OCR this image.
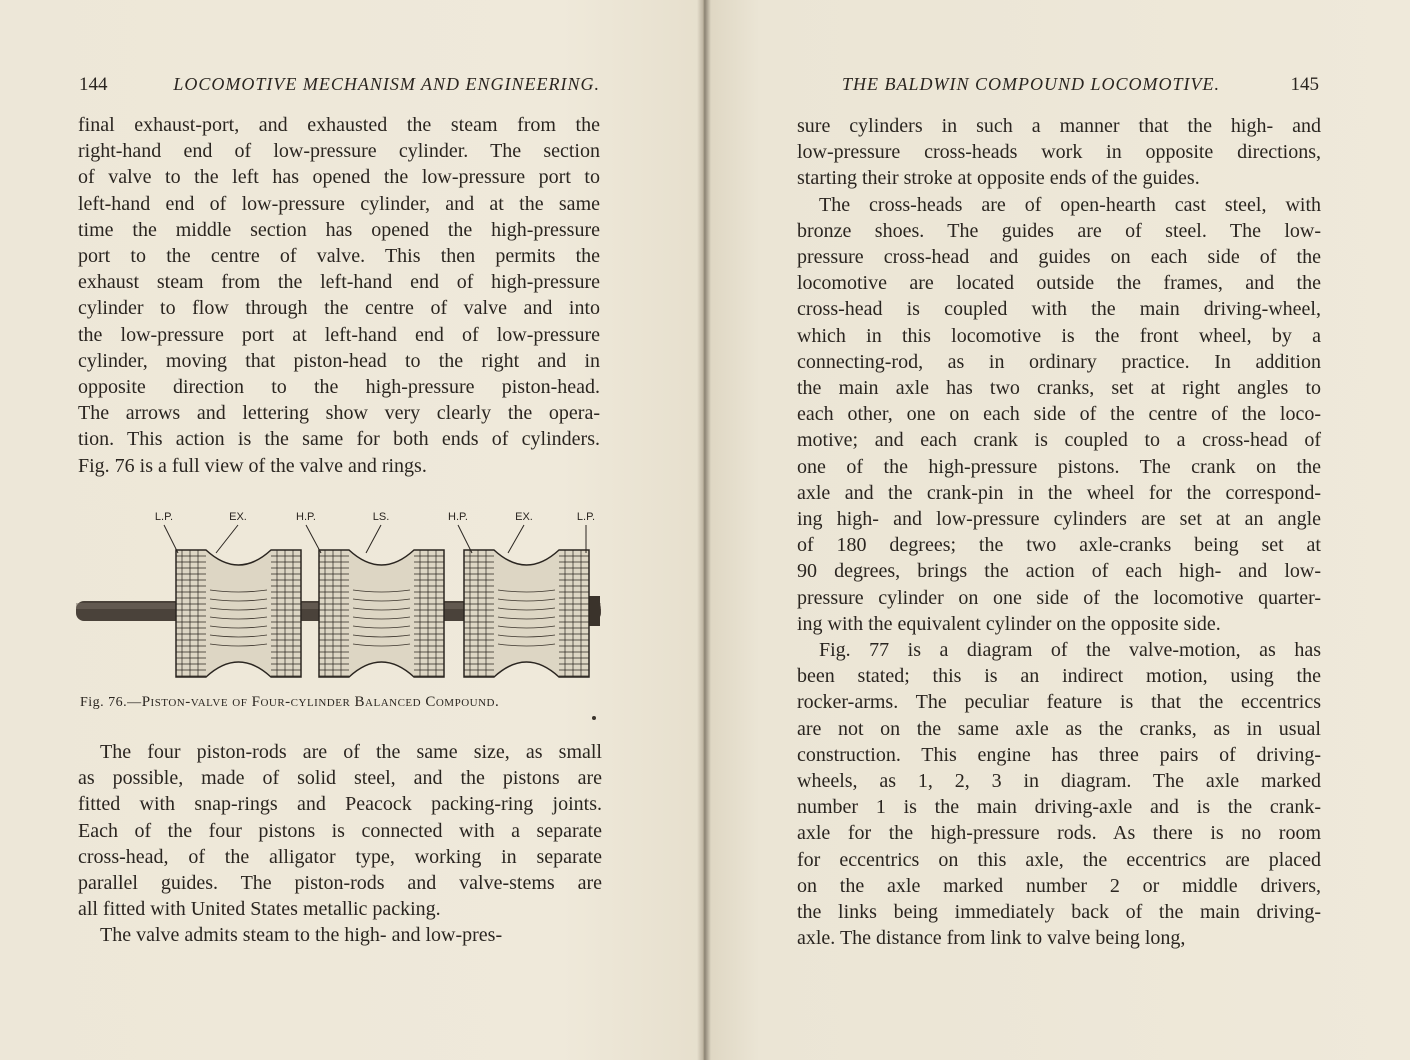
144	LOCOMOTIVE MECHANISM AND ENGINEERING.	THE BALDWIN COMPOUND LOCOMOTIVE.	145
final exhaust-port, and exhausted the steam from the
right-hand end of low-pressure cylinder. The section
of valve to the left has opened the low-pressure port to
left-hand end of low-pressure cylinder, and at the same
time the middle section has opened the high-pressure
port to the centre of valve. This then permits the
exhaust steam from the left-hand end of high-pressure
cylinder to flow through the centre of valve and into
the low-pressure port at left-hand end of low-pressure
cylinder, moving that piston-head to the right and in
opposite direction to the high-pressure piston-head.
The arrows and lettering show very clearly the opera-
tion. This action is the same for both ends of cylinders.
Fig. 76 is a full view of the valve and rings.
L.P.	EX.	H.P.	LS.	H.P.	EX.	L.P.
Fig. 76.—Piston-valve of Four-cylinder Balanced Compound.
The four piston-rods are of the same size, as small
as possible, made of solid steel, and the pistons are
fitted with snap-rings and Peacock packing-ring joints.
Each of the four pistons is connected with a separate
cross-head, of the alligator type, working in separate
parallel guides. The piston-rods and valve-stems are
all fitted with United States metallic packing.
The valve admits steam to the high- and low-pres-
sure cylinders in such a manner that the high- and
low-pressure cross-heads work in opposite directions,
starting their stroke at opposite ends of the guides.
The cross-heads are of open-hearth cast steel, with
bronze shoes. The guides are of steel. The low-
pressure cross-head and guides on each side of the
locomotive are located outside the frames, and the
cross-head is coupled with the main driving-wheel,
which in this locomotive is the front wheel, by a
connecting-rod, as in ordinary practice. In addition
the main axle has two cranks, set at right angles to
each other, one on each side of the centre of the loco-
motive; and each crank is coupled to a cross-head of
one of the high-pressure pistons. The crank on the
axle and the crank-pin in the wheel for the correspond-
ing high- and low-pressure cylinders are set at an angle
of 180 degrees; the two axle-cranks being set at
90 degrees, brings the action of each high- and low-
pressure cylinder on one side of the locomotive quarter-
ing with the equivalent cylinder on the opposite side.
Fig. 77 is a diagram of the valve-motion, as has
been stated; this is an indirect motion, using the
rocker-arms. The peculiar feature is that the eccentrics
are not on the same axle as the cranks, as in usual
construction. This engine has three pairs of driving-
wheels, as 1, 2, 3 in diagram. The axle marked
number 1 is the main driving-axle and is the crank-
axle for the high-pressure rods. As there is no room
for eccentrics on this axle, the eccentrics are placed
on the axle marked number 2 or middle drivers,
the links being immediately back of the main driving-
axle. The distance from link to valve being long,
